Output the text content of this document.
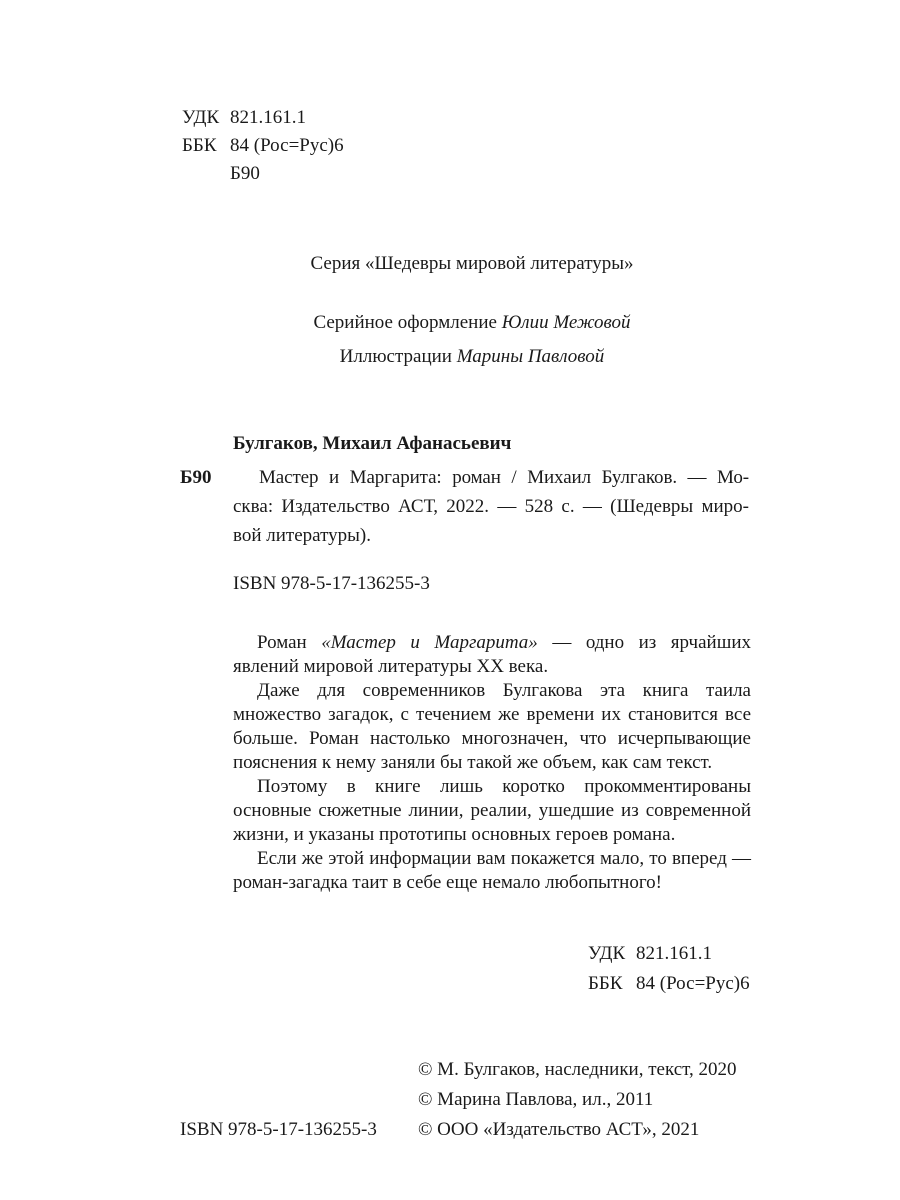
УДК 821.161.1
ББК 84 (Рос=Рус)6
Б90
Серия «Шедевры мировой литературы»
Серийное оформление Юлии Межовой
Иллюстрации Марины Павловой
Булгаков, Михаил Афанасьевич
Б90 Мастер и Маргарита: роман / Михаил Булгаков. — Мо-
сква: Издательство АСТ, 2022. — 528 с. — (Шедевры миро-
вой литературы).
ISBN 978-5-17-136255-3

Роман «Мастер и Маргарита» — одно из ярчайших явлений мировой литературы XX века.

Даже для современников Булгакова эта книга таила множество загадок, с течением же времени их становится все больше. Роман настолько многозначен, что исчерпывающие пояснения к нему заняли бы такой же объем, как сам текст.

Поэтому в книге лишь коротко прокомментированы основные сюжетные линии, реалии, ушедшие из современной жизни, и указаны прототипы основных героев романа.

Если же этой информации вам покажется мало, то вперед — роман-загадка таит в себе еще немало любопытного!

УДК 821.161.1
ББК 84 (Рос=Рус)6
© М. Булгаков, наследники, текст, 2020
© Марина Павлова, ил., 2011
© ООО «Издательство АСТ», 2021
ISBN 978-5-17-136255-3
